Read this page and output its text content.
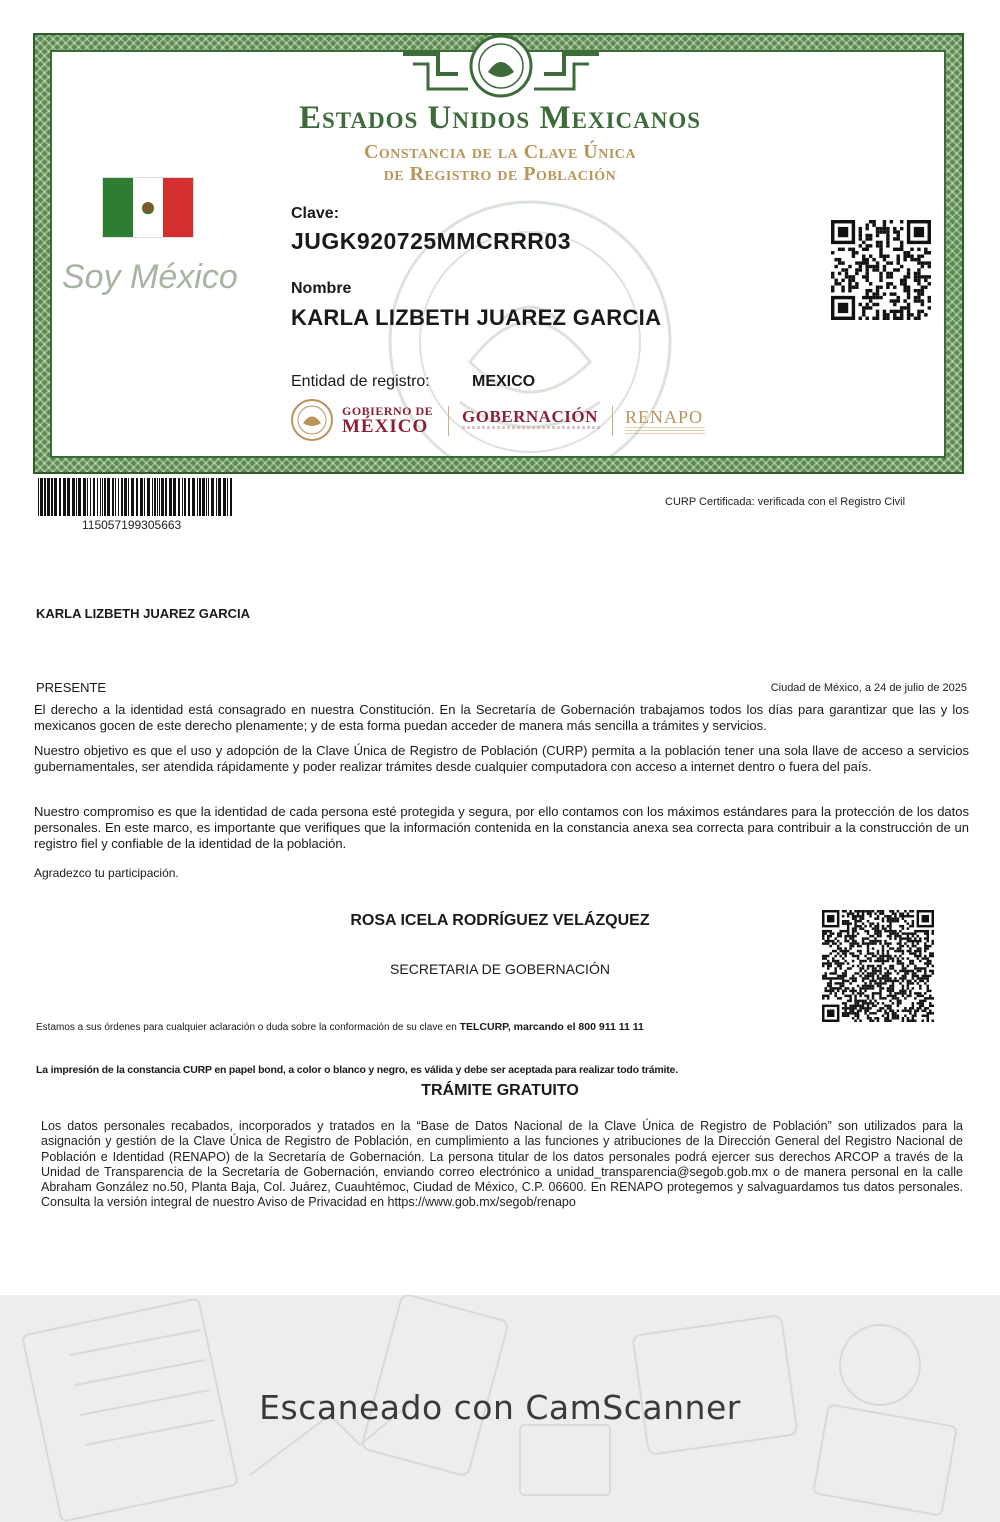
Estados Unidos Mexicanos
Constancia de la Clave Única
de Registro de Población
Soy México
Clave:
JUGK920725MMCRRR03
Nombre
KARLA LIZBETH JUAREZ GARCIA
Entidad de registro:	MEXICO
GOBIERNO DE
MÉXICO GOBERNACIÓN RENAPO
115057199305663
CURP Certificada: verificada con el Registro Civil
KARLA LIZBETH JUAREZ GARCIA
PRESENTE	Ciudad de México, a 24 de julio de 2025
El derecho a la identidad está consagrado en nuestra Constitución. En la Secretaría de Gobernación trabajamos todos los días para garantizar que las y los mexicanos gocen de este derecho plenamente; y de esta forma puedan acceder de manera más sencilla a trámites y servicios.
Nuestro objetivo es que el uso y adopción de la Clave Única de Registro de Población (CURP) permita a la población tener una sola llave de acceso a servicios gubernamentales, ser atendida rápidamente y poder realizar trámites desde cualquier computadora con acceso a internet dentro o fuera del país.
Nuestro compromiso es que la identidad de cada persona esté protegida y segura, por ello contamos con los máximos estándares para la protección de los datos personales. En este marco, es importante que verifiques que la información contenida en la constancia anexa sea correcta para contribuir a la construcción de un registro fiel y confiable de la identidad de la población.
Agradezco tu participación.
ROSA ICELA RODRÍGUEZ VELÁZQUEZ
SECRETARIA DE GOBERNACIÓN
Estamos a sus órdenes para cualquier aclaración o duda sobre la conformación de su clave en TELCURP, marcando el 800 911 11 11
La impresión de la constancia CURP en papel bond, a color o blanco y negro, es válida y debe ser aceptada para realizar todo trámite.
TRÁMITE GRATUITO
Los datos personales recabados, incorporados y tratados en la “Base de Datos Nacional de la Clave Única de Registro de Población” son utilizados para la asignación y gestión de la Clave Única de Registro de Población, en cumplimiento a las funciones y atribuciones de la Dirección General del Registro Nacional de Población e Identidad (RENAPO) de la Secretaría de Gobernación. La persona titular de los datos personales podrá ejercer sus derechos ARCOP a través de la Unidad de Transparencia de la Secretaría de Gobernación, enviando correo electrónico a unidad_transparencia@segob.gob.mx o de manera personal en la calle Abraham González no.50, Planta Baja, Col. Juárez, Cuauhtémoc, Ciudad de México, C.P. 06600. En RENAPO protegemos y salvaguardamos tus datos personales. Consulta la versión integral de nuestro Aviso de Privacidad en https://www.gob.mx/segob/renapo
Escaneado con CamScanner
